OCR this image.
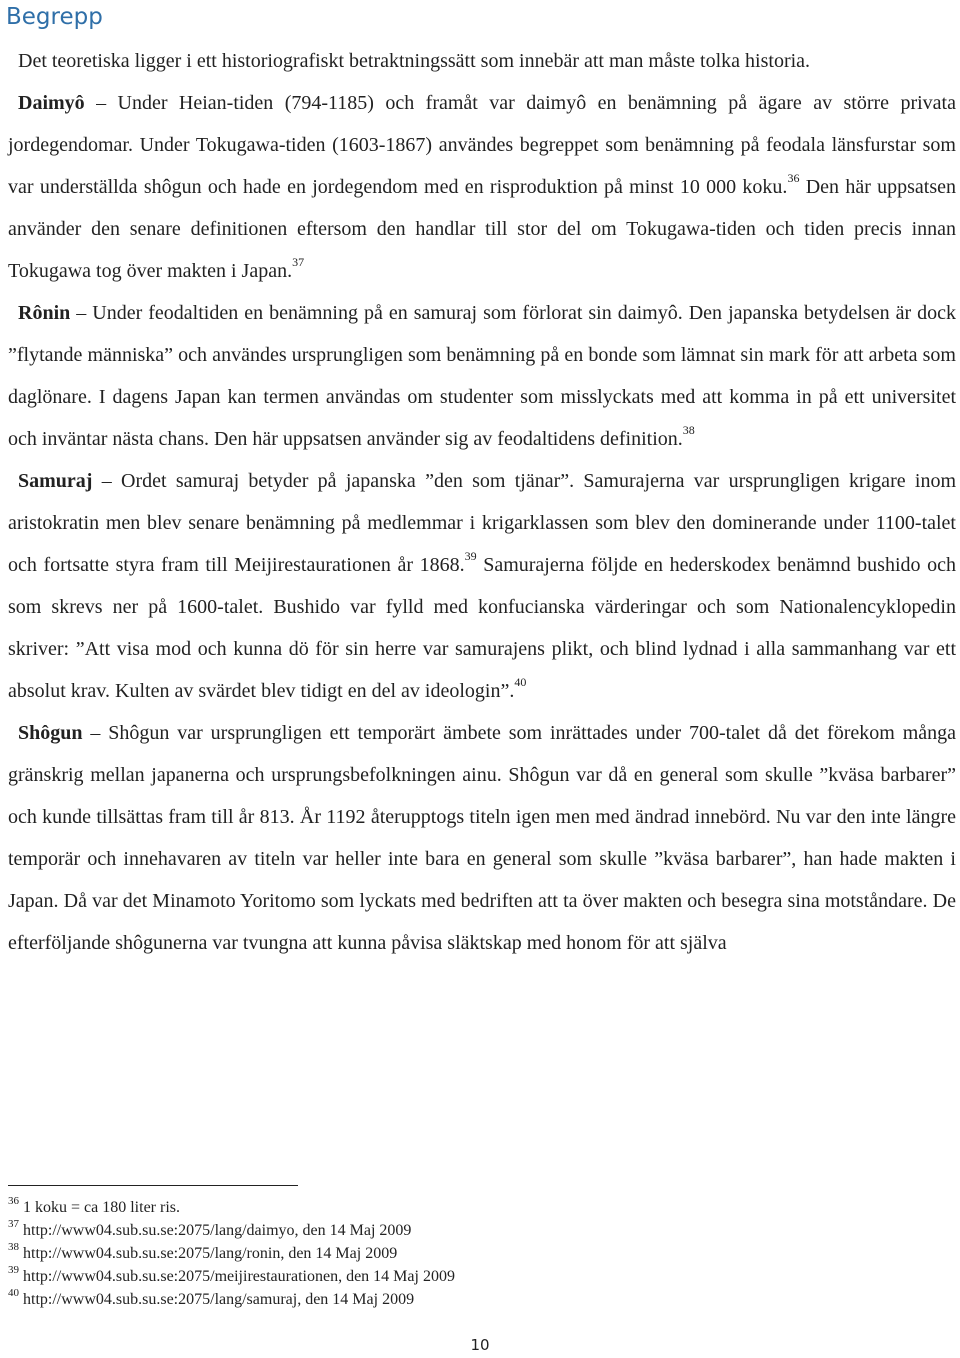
Begrepp

Det teoretiska ligger i ett historiografiskt betraktningssätt som innebär att man måste tolka historia.

Daimyô – Under Heian-tiden (794-1185) och framåt var daimyô en benämning på ägare av större privata jordegendomar. Under Tokugawa-tiden (1603-1867) användes begreppet som benämning på feodala länsfurstar som var underställda shôgun och hade en jordegendom med en risproduktion på minst 10 000 koku.$^{36}$ Den här uppsatsen använder den senare definitionen eftersom den handlar till stor del om Tokugawa-tiden och tiden precis innan Tokugawa tog över makten i Japan.$^{37}$

Rônin – Under feodaltiden en benämning på en samuraj som förlorat sin daimyô. Den japanska betydelsen är dock ”flytande människa” och användes ursprungligen som benämning på en bonde som lämnat sin mark för att arbeta som daglönare. I dagens Japan kan termen användas om studenter som misslyckats med att komma in på ett universitet och inväntar nästa chans. Den här uppsatsen använder sig av feodaltidens definition.$^{38}$

Samuraj – Ordet samuraj betyder på japanska ”den som tjänar”. Samurajerna var ursprungligen krigare inom aristokratin men blev senare benämning på medlemmar i krigarklassen som blev den dominerande under 1100-talet och fortsatte styra fram till Meijirestaurationen år 1868.39 Samurajerna följde en hederskodex benämnd bushido och som skrevs ner på 1600-talet. Bushido var fylld med konfucianska värderingar och som Nationalencyklopedin skriver: ”Att visa mod och kunna dö för sin herre var samurajens plikt, och blind lydnad i alla sammanhang var ett absolut krav. Kulten av svärdet blev tidigt en del av ideologin”.$^{40}$

Shôgun – Shôgun var ursprungligen ett temporärt ämbete som inrättades under 700-talet då det förekom många gränskrig mellan japanerna och ursprungsbefolkningen ainu. Shôgun var då en general som skulle ”kväsa barbarer” och kunde tillsättas fram till år 813. År 1192 återupptogs titeln igen men med ändrad innebörd. Nu var den inte längre temporär och innehavaren av titeln var heller inte bara en general som skulle ”kväsa barbarer”, han hade makten i Japan. Då var det Minamoto Yoritomo som lyckats med bedriften att ta över makten och besegra sina motståndare. De efterföljande shôgunerna var tvungna att kunna påvisa släktskap med honom för att själva

$^{36}$ 1 koku = ca 180 liter ris.
$^{37}$ http://www04.sub.su.se:2075/lang/daimyo, den 14 Maj 2009
$^{38}$ http://www04.sub.su.se:2075/lang/ronin, den 14 Maj 2009
$^{39}$ http://www04.sub.su.se:2075/meijirestaurationen, den 14 Maj 2009
$^{40}$ http://www04.sub.su.se:2075/lang/samuraj, den 14 Maj 2009
10
